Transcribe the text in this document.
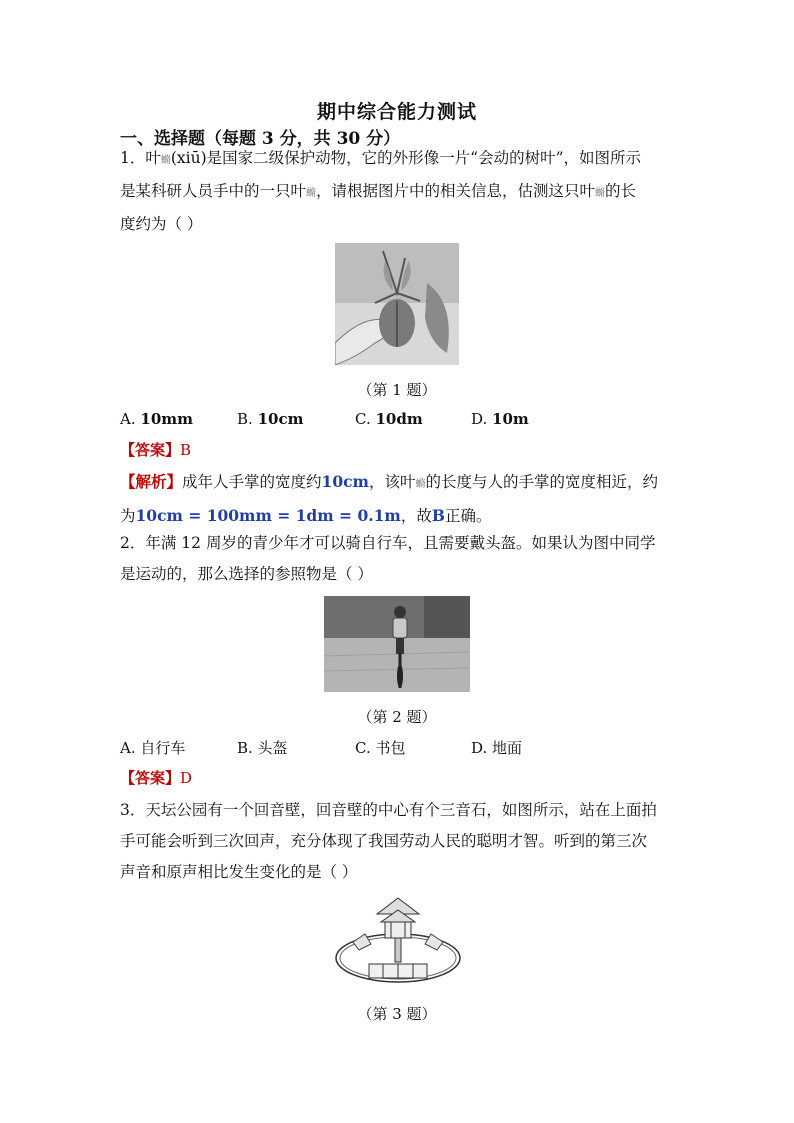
期中综合能力测试
一、选择题（每题 3 分，共 30 分）
1．叶䗛(xiū)是国家二级保护动物，它的外形像一片“会动的树叶”，如图所示
是某科研人员手中的一只叶䗛，请根据图片中的相关信息，估测这只叶䗛的长
度约为（ ）
（第 1 题）
A. 10mm	B. 10cm	C. 10dm	D. 10m
【答案】B
【解析】成年人手掌的宽度约10cm，该叶䗛的长度与人的手掌的宽度相近，约
为10cm = 100mm = 1dm = 0.1m，故B正确。
2．年满 12 周岁的青少年才可以骑自行车，且需要戴头盔。如果认为图中同学
是运动的，那么选择的参照物是（ ）
（第 2 题）
A. 自行车	B. 头盔	C. 书包	D. 地面
【答案】D
3．天坛公园有一个回音壁，回音壁的中心有个三音石，如图所示，站在上面拍
手可能会听到三次回声，充分体现了我国劳动人民的聪明才智。听到的第三次
声音和原声相比发生变化的是（ ）
（第 3 题）
